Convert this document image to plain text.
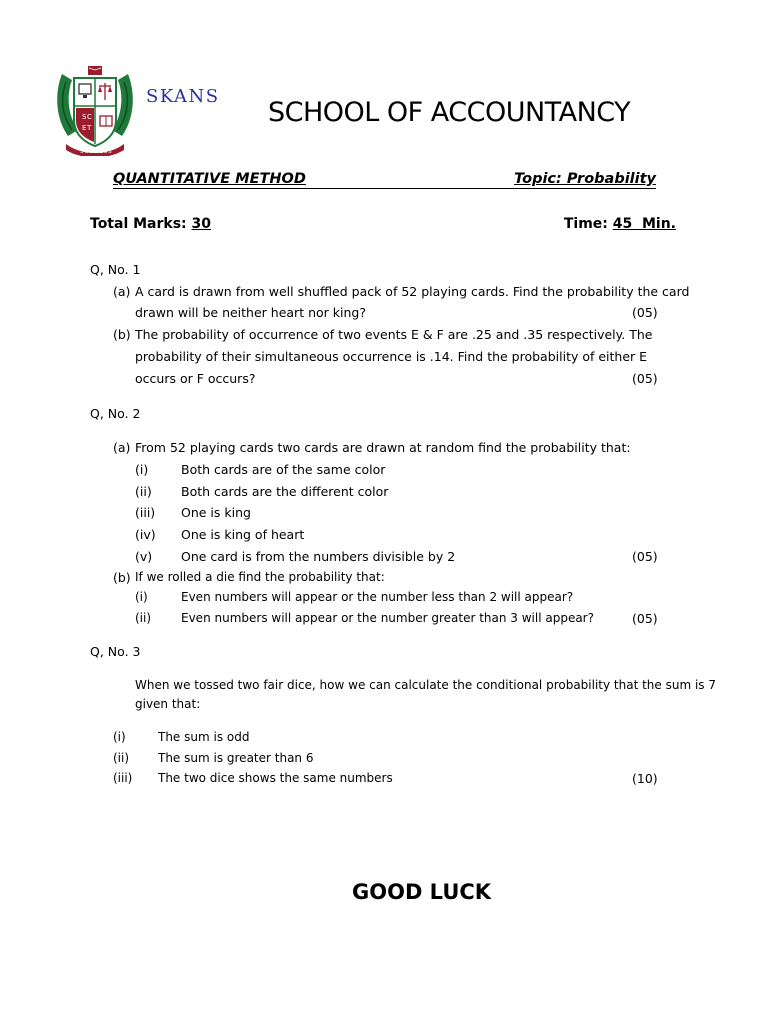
S C
E T
SUCCESS
SKANS
SCHOOL OF ACCOUNTANCY
QUANTITATIVE METHOD	Topic: Probability
Total Marks: 30	Time: 45  Min.
Q, No. 1
(a) A card is drawn from well shuffled pack of 52 playing cards. Find the probability the card
drawn will be neither heart nor king?	(05)
(b) The probability of occurrence of two events E & F are .25 and .35 respectively. The
probability of their simultaneous occurrence is .14. Find the probability of either E
occurs or F occurs?	(05)
Q, No. 2
(a) From 52 playing cards two cards are drawn at random find the probability that:
(i)	Both cards are of the same color
(ii) Both cards are the different color
(iii) One is king
(iv) One is king of heart
(v) One card is from the numbers divisible by 2	(05)
(b) If we rolled a die find the probability that:
(i)	Even numbers will appear or the number less than 2 will appear?
(ii) Even numbers will appear or the number greater than 3 will appear?	(05)
Q, No. 3
When we tossed two fair dice, how we can calculate the conditional probability that the sum is 7
given that:
(i)	The sum is odd
(ii) The sum is greater than 6
(iii) The two dice shows the same numbers	(10)
GOOD LUCK
